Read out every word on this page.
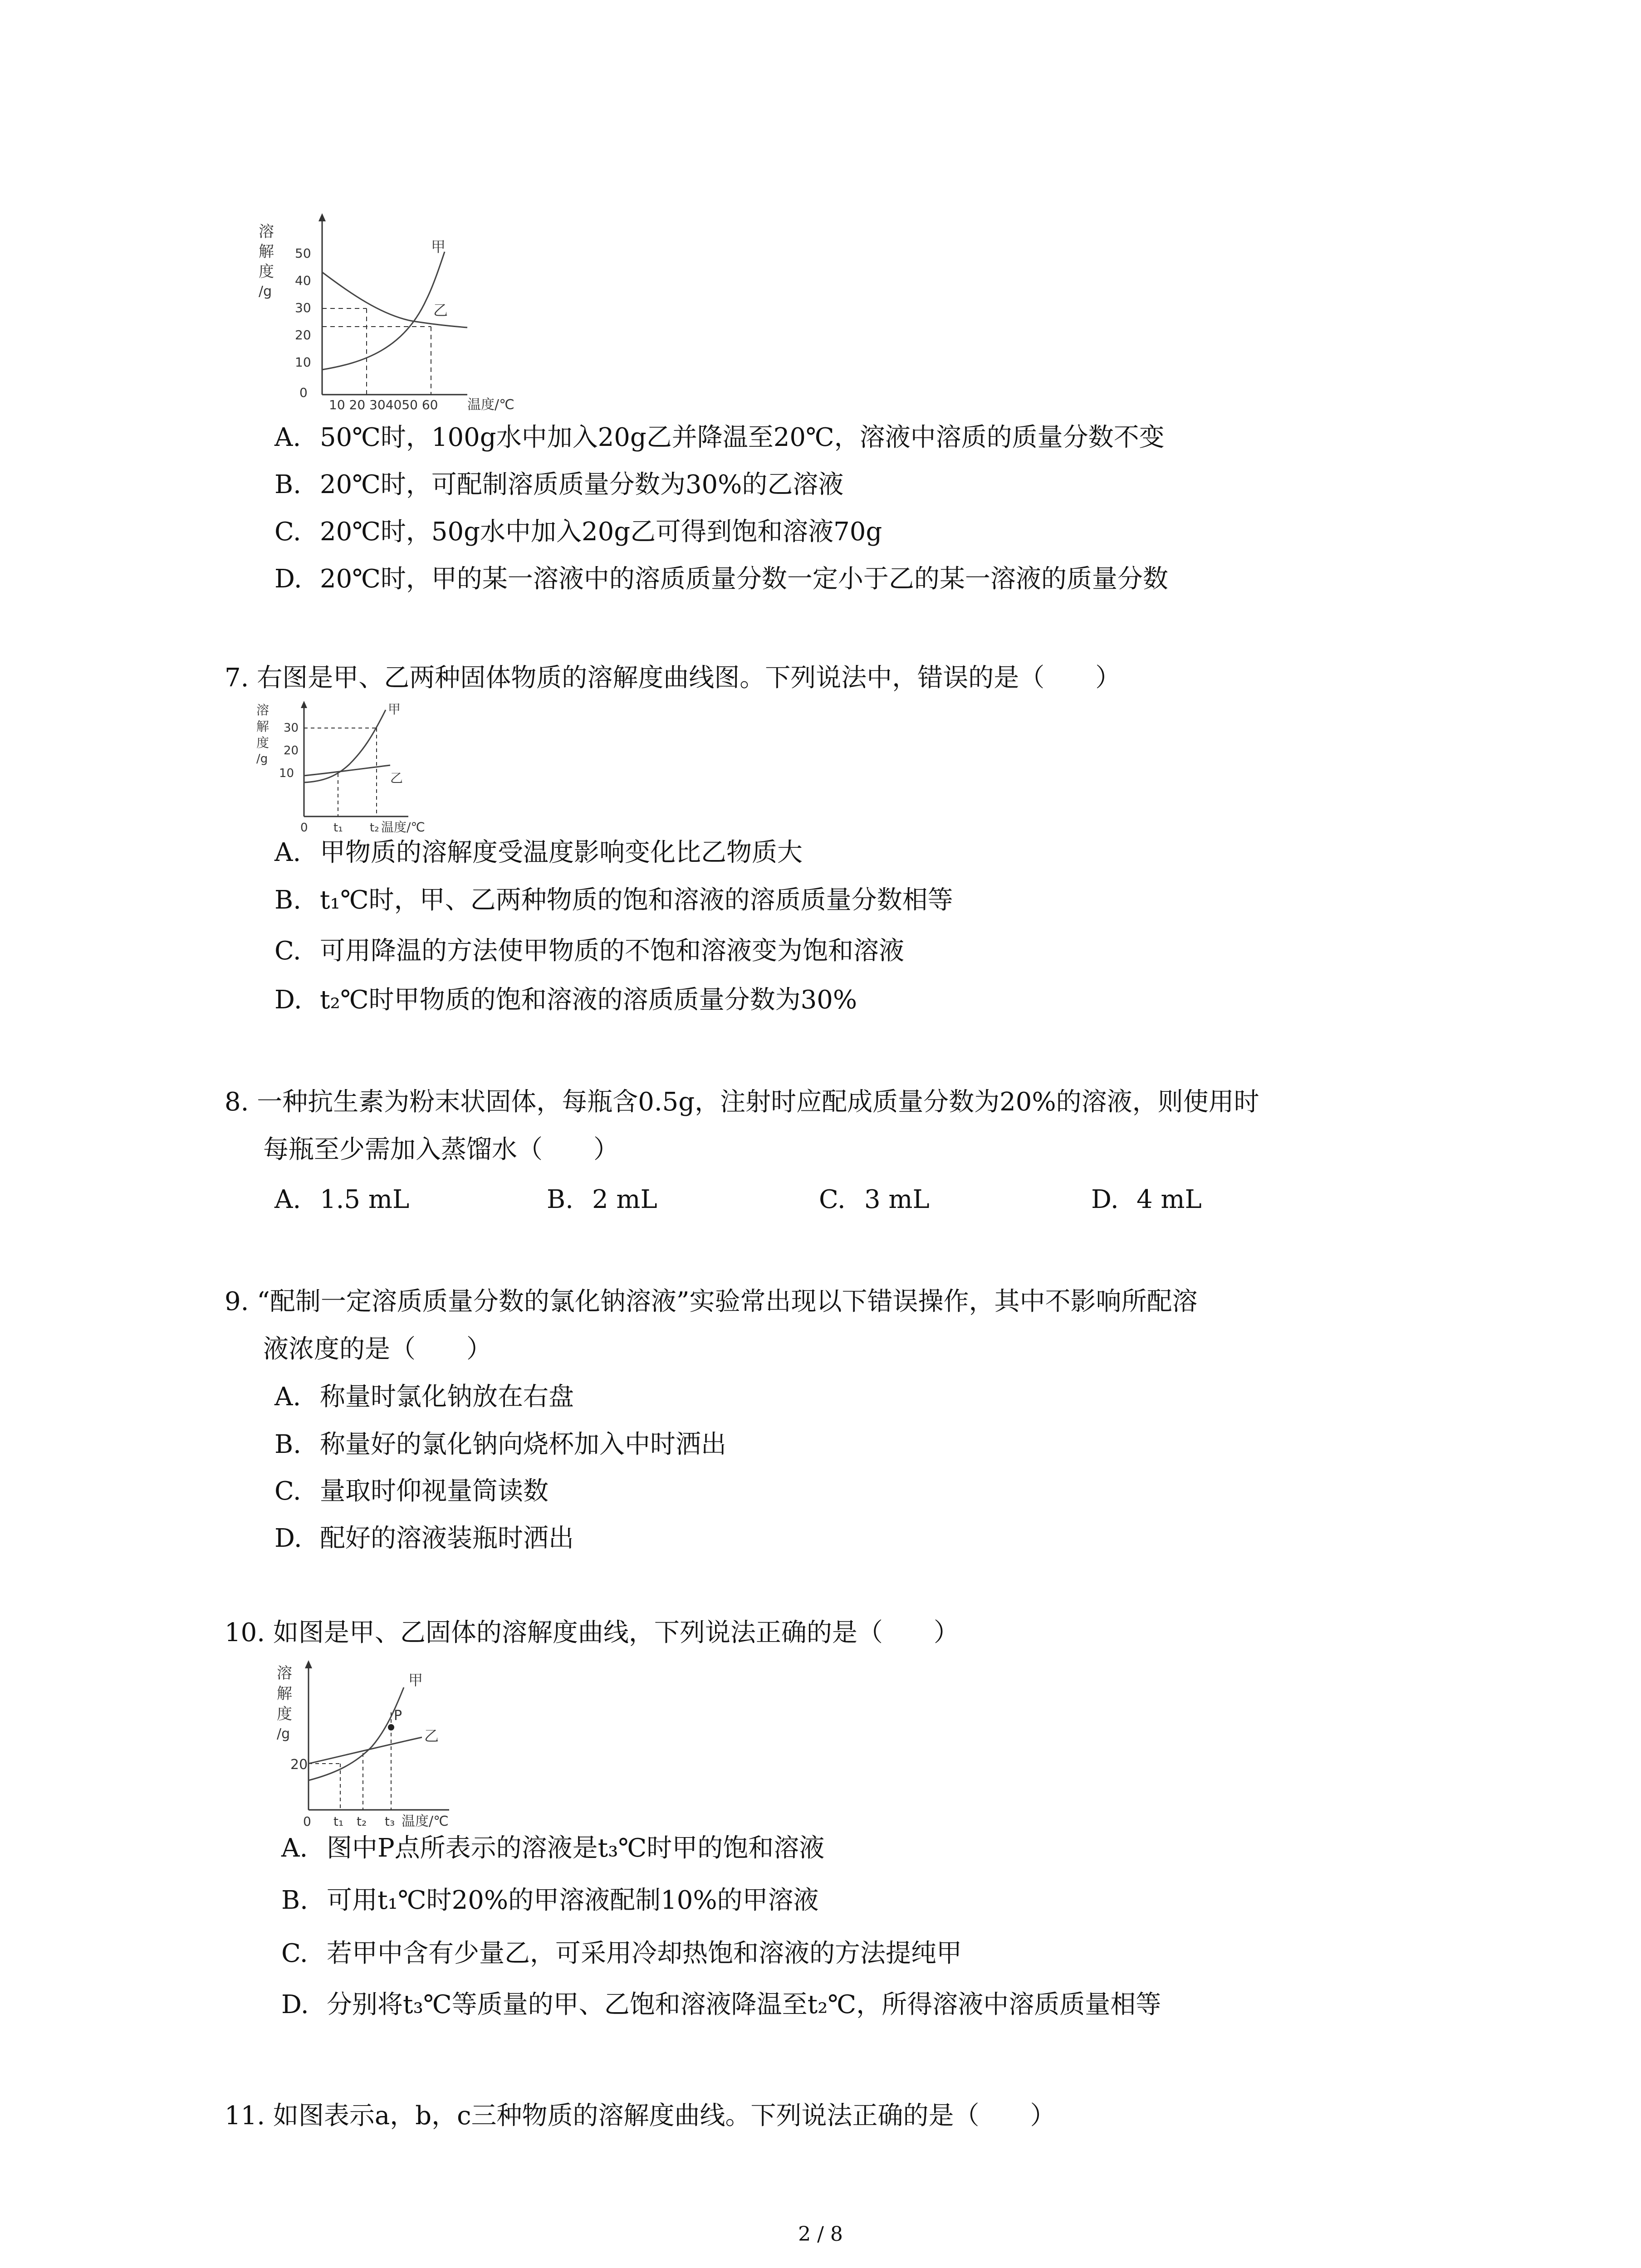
溶
解
度
/g
0
10
20
30
40
50
10 20 304050 60 温度/℃
甲
乙
A. 50℃时，100g水中加入20g乙并降温至20℃，溶液中溶质的质量分数不变
B. 20℃时，可配制溶质质量分数为30%的乙溶液
C. 20℃时，50g水中加入20g乙可得到饱和溶液70g
D. 20℃时，甲的某一溶液中的溶质质量分数一定小于乙的某一溶液的质量分数
7. 右图是甲、乙两种固体物质的溶解度曲线图。下列说法中，错误的是（　　）
溶
解
度
/g
30
20
10
0 t₁ t₂ 温度/℃
甲
乙
A. 甲物质的溶解度受温度影响变化比乙物质大
B. t₁℃时，甲、乙两种物质的饱和溶液的溶质质量分数相等
C. 可用降温的方法使甲物质的不饱和溶液变为饱和溶液
D. t₂℃时甲物质的饱和溶液的溶质质量分数为30%
8. 一种抗生素为粉末状固体，每瓶含0.5g，注射时应配成质量分数为20%的溶液，则使用时
每瓶至少需加入蒸馏水（　　）
A. 1.5 mL	B. 2 mL	C. 3 mL	D. 4 mL
9. “配制一定溶质质量分数的氯化钠溶液”实验常出现以下错误操作，其中不影响所配溶
液浓度的是（　　）
A. 称量时氯化钠放在右盘
B. 称量好的氯化钠向烧杯加入中时洒出
C. 量取时仰视量筒读数
D. 配好的溶液装瓶时洒出
10. 如图是甲、乙固体的溶解度曲线，下列说法正确的是（　　）
溶
解
度
/g
20
0 t₁ t₂ t₃ 温度/℃
甲
乙
P
A. 图中P点所表示的溶液是t₃℃时甲的饱和溶液
B. 可用t₁℃时20%的甲溶液配制10%的甲溶液
C. 若甲中含有少量乙，可采用冷却热饱和溶液的方法提纯甲
D. 分别将t₃℃等质量的甲、乙饱和溶液降温至t₂℃，所得溶液中溶质质量相等
11. 如图表示a，b，c三种物质的溶解度曲线。下列说法正确的是（　　）
2 / 8
